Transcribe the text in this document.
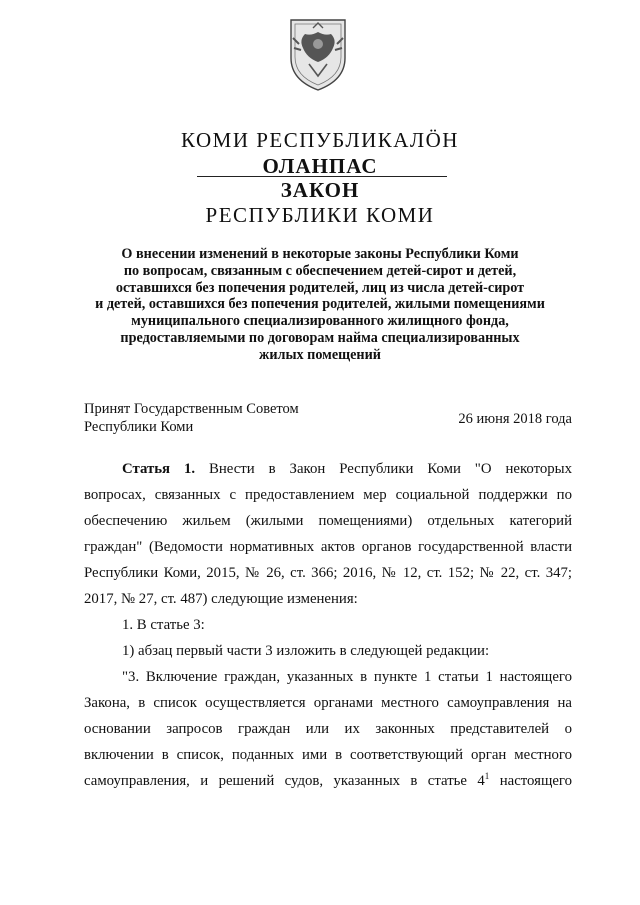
КОМИ РЕСПУБЛИКАЛӦН
ОЛАНПАС
ЗАКОН
РЕСПУБЛИКИ КОМИ
О внесении изменений в некоторые законы Республики Коми
по вопросам, связанным с обеспечением детей-сирот и детей,
оставшихся без попечения родителей, лиц из числа детей-сирот
и детей, оставшихся без попечения родителей, жилыми помещениями
муниципального специализированного жилищного фонда,
предоставляемыми по договорам найма специализированных
жилых помещений
Принят Государственным Советом
Республики Коми	26 июня 2018 года
Статья 1. Внести в Закон Республики Коми "О некоторых
вопросах, связанных с предоставлением мер социальной поддержки по
обеспечению жильем (жилыми помещениями) отдельных категорий
граждан" (Ведомости нормативных актов органов государственной власти
Республики Коми, 2015, № 26, ст. 366; 2016, № 12, ст. 152; № 22, ст. 347;
2017, № 27, ст. 487) следующие изменения:
1. В статье 3:
1) абзац первый части 3 изложить в следующей редакции:
"3. Включение граждан, указанных в пункте 1 статьи 1 настоящего
Закона, в список осуществляется органами местного самоуправления на
основании запросов граждан или их законных представителей о
включении в список, поданных ими в соответствующий орган местного
самоуправления, и решений судов, указанных в статье $4^1$ настоящего
